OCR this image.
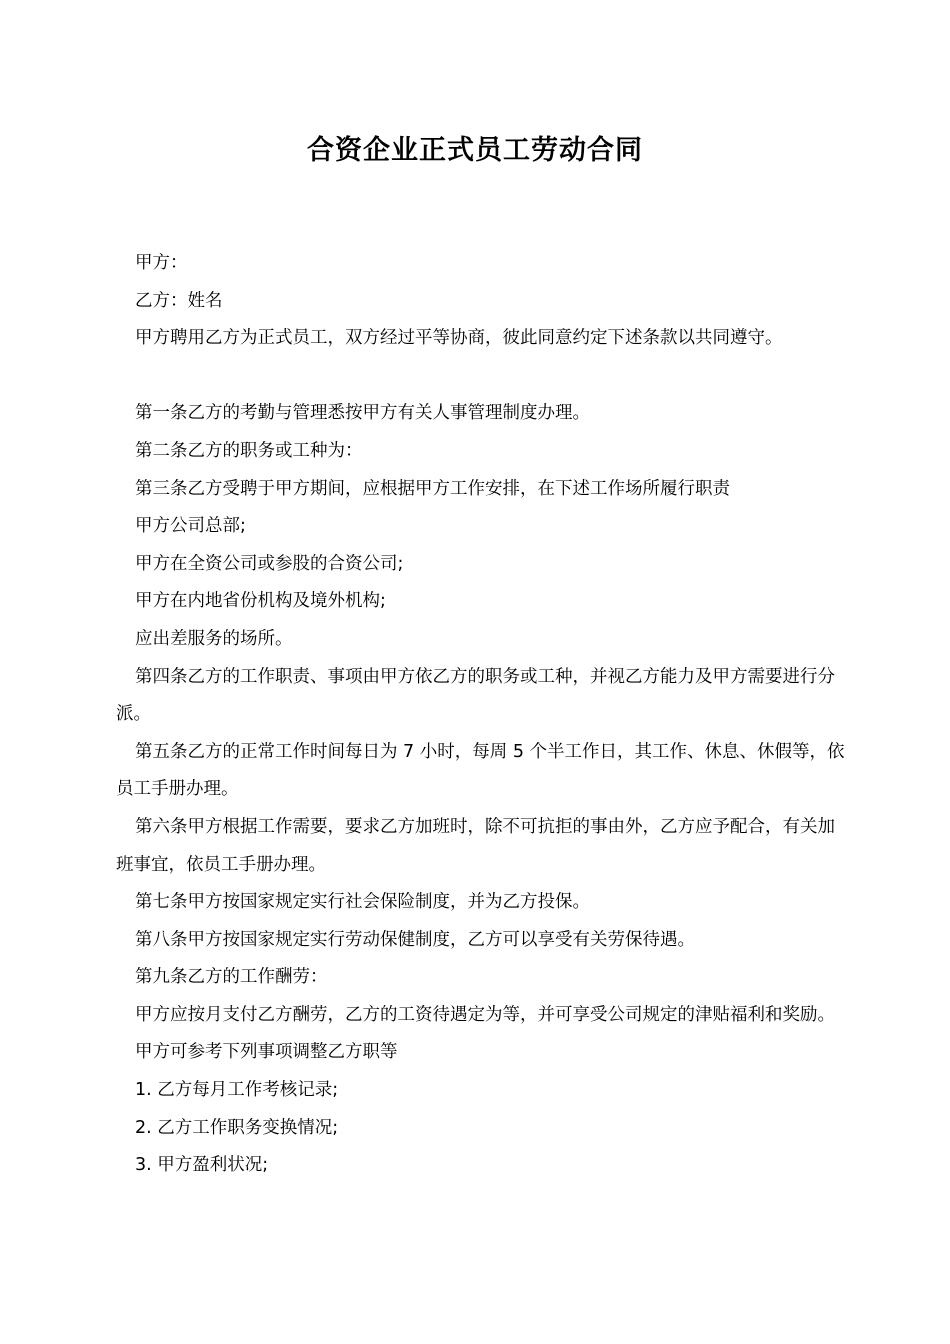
合资企业正式员工劳动合同

甲方：

乙方：姓名

甲方聘用乙方为正式员工，双方经过平等协商，彼此同意约定下述条款以共同遵守。

第一条乙方的考勤与管理悉按甲方有关人事管理制度办理。

第二条乙方的职务或工种为：

第三条乙方受聘于甲方期间，应根据甲方工作安排，在下述工作场所履行职责

甲方公司总部;

甲方在全资公司或参股的合资公司;

甲方在内地省份机构及境外机构;

应出差服务的场所。

第四条乙方的工作职责、事项由甲方依乙方的职务或工种，并视乙方能力及甲方需要进行分派。

第五条乙方的正常工作时间每日为 7 小时，每周 5 个半工作日，其工作、休息、休假等，依员工手册办理。

第六条甲方根据工作需要，要求乙方加班时，除不可抗拒的事由外，乙方应予配合，有关加班事宜，依员工手册办理。

第七条甲方按国家规定实行社会保险制度，并为乙方投保。

第八条甲方按国家规定实行劳动保健制度，乙方可以享受有关劳保待遇。

第九条乙方的工作酬劳：

甲方应按月支付乙方酬劳，乙方的工资待遇定为等，并可享受公司规定的津贴福利和奖励。

甲方可参考下列事项调整乙方职等

1. 乙方每月工作考核记录;

2. 乙方工作职务变换情况;

3. 甲方盈利状况;
